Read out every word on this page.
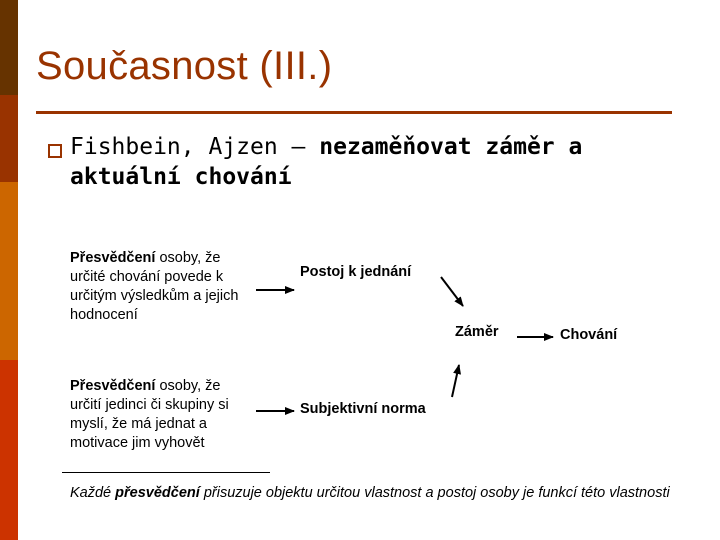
Současnost (III.)
Fishbein, Ajzen – nezaměňovat záměr a aktuální chování
Přesvědčení osoby, že určité chování povede k určitým výsledkům a jejich hodnocení
Přesvědčení osoby, že určití jedinci či skupiny si myslí, že má jednat a motivace jim vyhovět
Postoj k jednání
Subjektivní norma
Záměr	Chování
Každé přesvědčení přisuzuje objektu určitou vlastnost a postoj osoby je funkcí této vlastnosti
